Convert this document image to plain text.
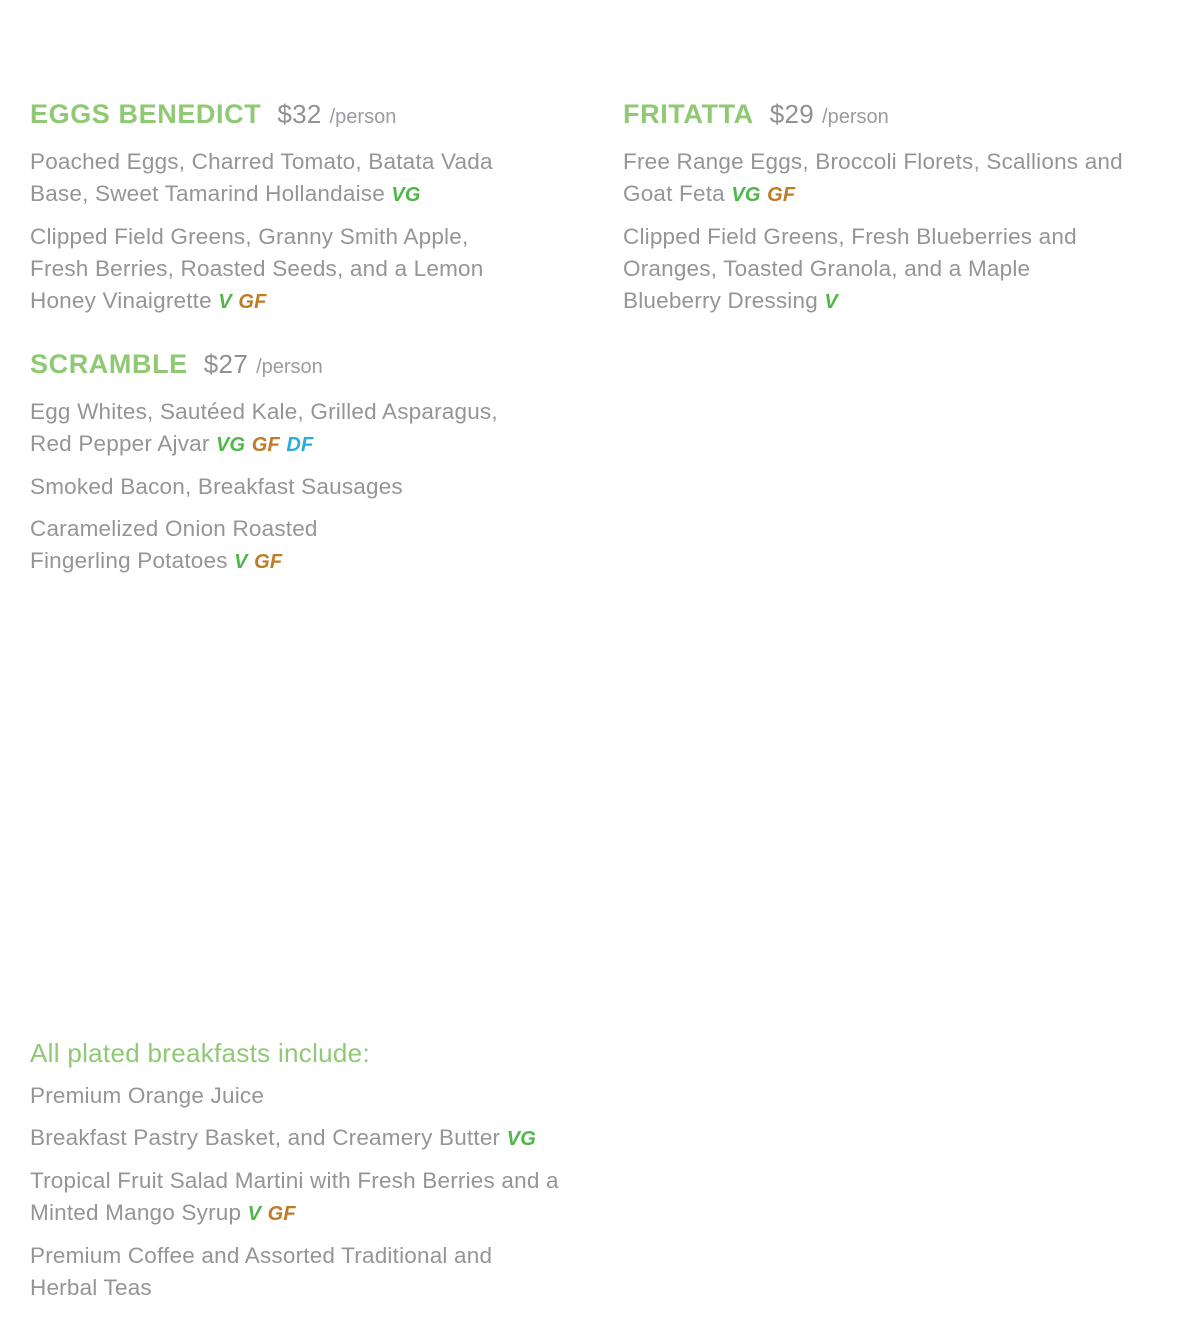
EGGS BENEDICT $32 /person

Poached Eggs, Charred Tomato, Batata Vada
Base, Sweet Tamarind Hollandaise VG

Clipped Field Greens, Granny Smith Apple,
Fresh Berries, Roasted Seeds, and a Lemon
Honey Vinaigrette V GF

SCRAMBLE $27 /person

Egg Whites, Sautéed Kale, Grilled Asparagus,
Red Pepper Ajvar VG GF DF

Smoked Bacon, Breakfast Sausages

Caramelized Onion Roasted
Fingerling Potatoes V GF

FRITATTA $29 /person

Free Range Eggs, Broccoli Florets, Scallions and
Goat Feta VG GF

Clipped Field Greens, Fresh Blueberries and
Oranges, Toasted Granola, and a Maple
Blueberry Dressing V

All plated breakfasts include:

Premium Orange Juice

Breakfast Pastry Basket, and Creamery Butter VG

Tropical Fruit Salad Martini with Fresh Berries and a
Minted Mango Syrup V GF

Premium Coffee and Assorted Traditional and
Herbal Teas
